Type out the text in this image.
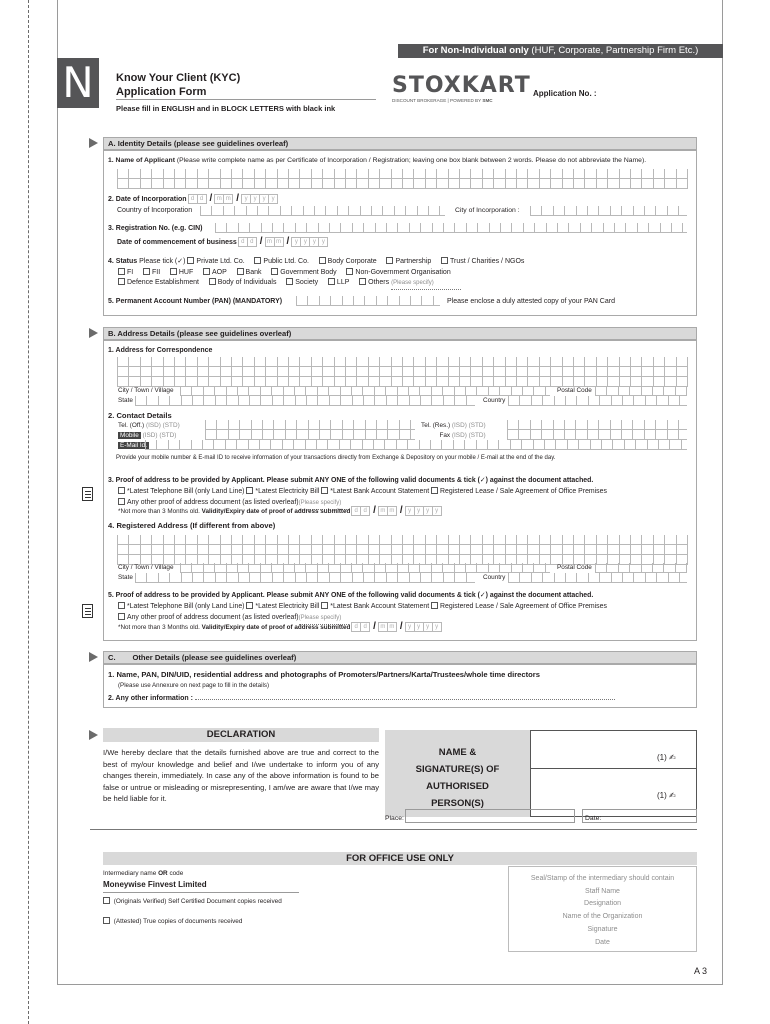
For Non-Individual only (HUF, Corporate, Partnership Firm Etc.)
N	Know Your Client (KYC)
Application Form
Please fill in ENGLISH and in BLOCK LETTERS with black ink
STOXKART
DISCOUNT BROKERAGE | POWERED BY SMC
Application No. :
A. Identity Details (please see guidelines overleaf)
1. Name of Applicant (Please write complete name as per Certificate of Incorporation / Registration; leaving one box blank between 2 words. Please do not abbreviate the Name).
2. Date of Incorporation d d / m m / y	y	y	y
Country of Incorporation	City of Incorporation :
3. Registration No. (e.g. CIN)
Date of commencement of business d d / m m / y	y	y	y
4. Status Please tick (✓) Private Ltd. Co.	Public Ltd. Co.	Body Corporate	Partnership	Trust / Charities / NGOs
FI	FII	HUF	AOP	Bank	Government Body	Non-Government Organisation
Defence Establishment	Body of Individuals	Society	LLP	Others (Please specify)
5. Permanent Account Number (PAN) (MANDATORY)	Please enclose a duly attested copy of your PAN Card
B. Address Details (please see guidelines overleaf)
1. Address for Correspondence
City / Town / Village	Postal Code
State	Country
2. Contact Details
Tel. (Off.) (ISD) (STD)
Mobile (ISD) (STD)
E-Mail Id.
Tel. (Res.) (ISD) (STD)
Fax (ISD) (STD)
Provide your mobile number & E-mail ID to receive information of your transactions directly from Exchange & Depository on your mobile / E-mail at the end of the day.
3. Proof of address to be provided by Applicant. Please submit ANY ONE of the following valid documents & tick (✓) against the document attached.
*Latest Telephone Bill (only Land Line) *Latest Electricity Bill *Latest Bank Account Statement Registered Lease / Sale Agreement of Office Premises
Any other proof of address document (as listed overleaf)(Please specify)
*Not more than 3 Months old. Validity/Expiry date of proof of address submitted d d / m m / y	y	y	y
4. Registered Address (If different from above)
City / Town / Village	Postal Code
State	Country
5. Proof of address to be provided by Applicant. Please submit ANY ONE of the following valid documents & tick (✓) against the document attached.
*Latest Telephone Bill (only Land Line) *Latest Electricity Bill *Latest Bank Account Statement Registered Lease / Sale Agreement of Office Premises
Any other proof of address document (as listed overleaf)(Please specify)
*Not more than 3 Months old. Validity/Expiry date of proof of address submitted d d / m m / y	y	y	y
C. Other Details (please see guidelines overleaf)
1. Name, PAN, DIN/UID, residential address and photographs of Promoters/Partners/Karta/Trustees/whole time directors
(Please use Annexure on next page to fill in the details)
2. Any other information :
DECLARATION
I/We hereby declare that the details furnished above are true and correct to the best of my/our knowledge and belief and I/we undertake to inform you of any changes therein, immediately. In case any of the above information is found to be false or untrue or misleading or misrepresenting, I am/we are aware that I/we may be held liable for it.
NAME & SIGNATURE(S) OF AUTHORISED PERSON(S)
(1) ✍
(1) ✍
Place:	Date:
FOR OFFICE USE ONLY
Intermediary name OR code
Moneywise Finvest Limited
(Originals Verified) Self Certified Document copies received
(Attested) True copies of documents received
Seal/Stamp of the intermediary should contain
Staff Name
Designation
Name of the Organization
Signature
Date
A 3
